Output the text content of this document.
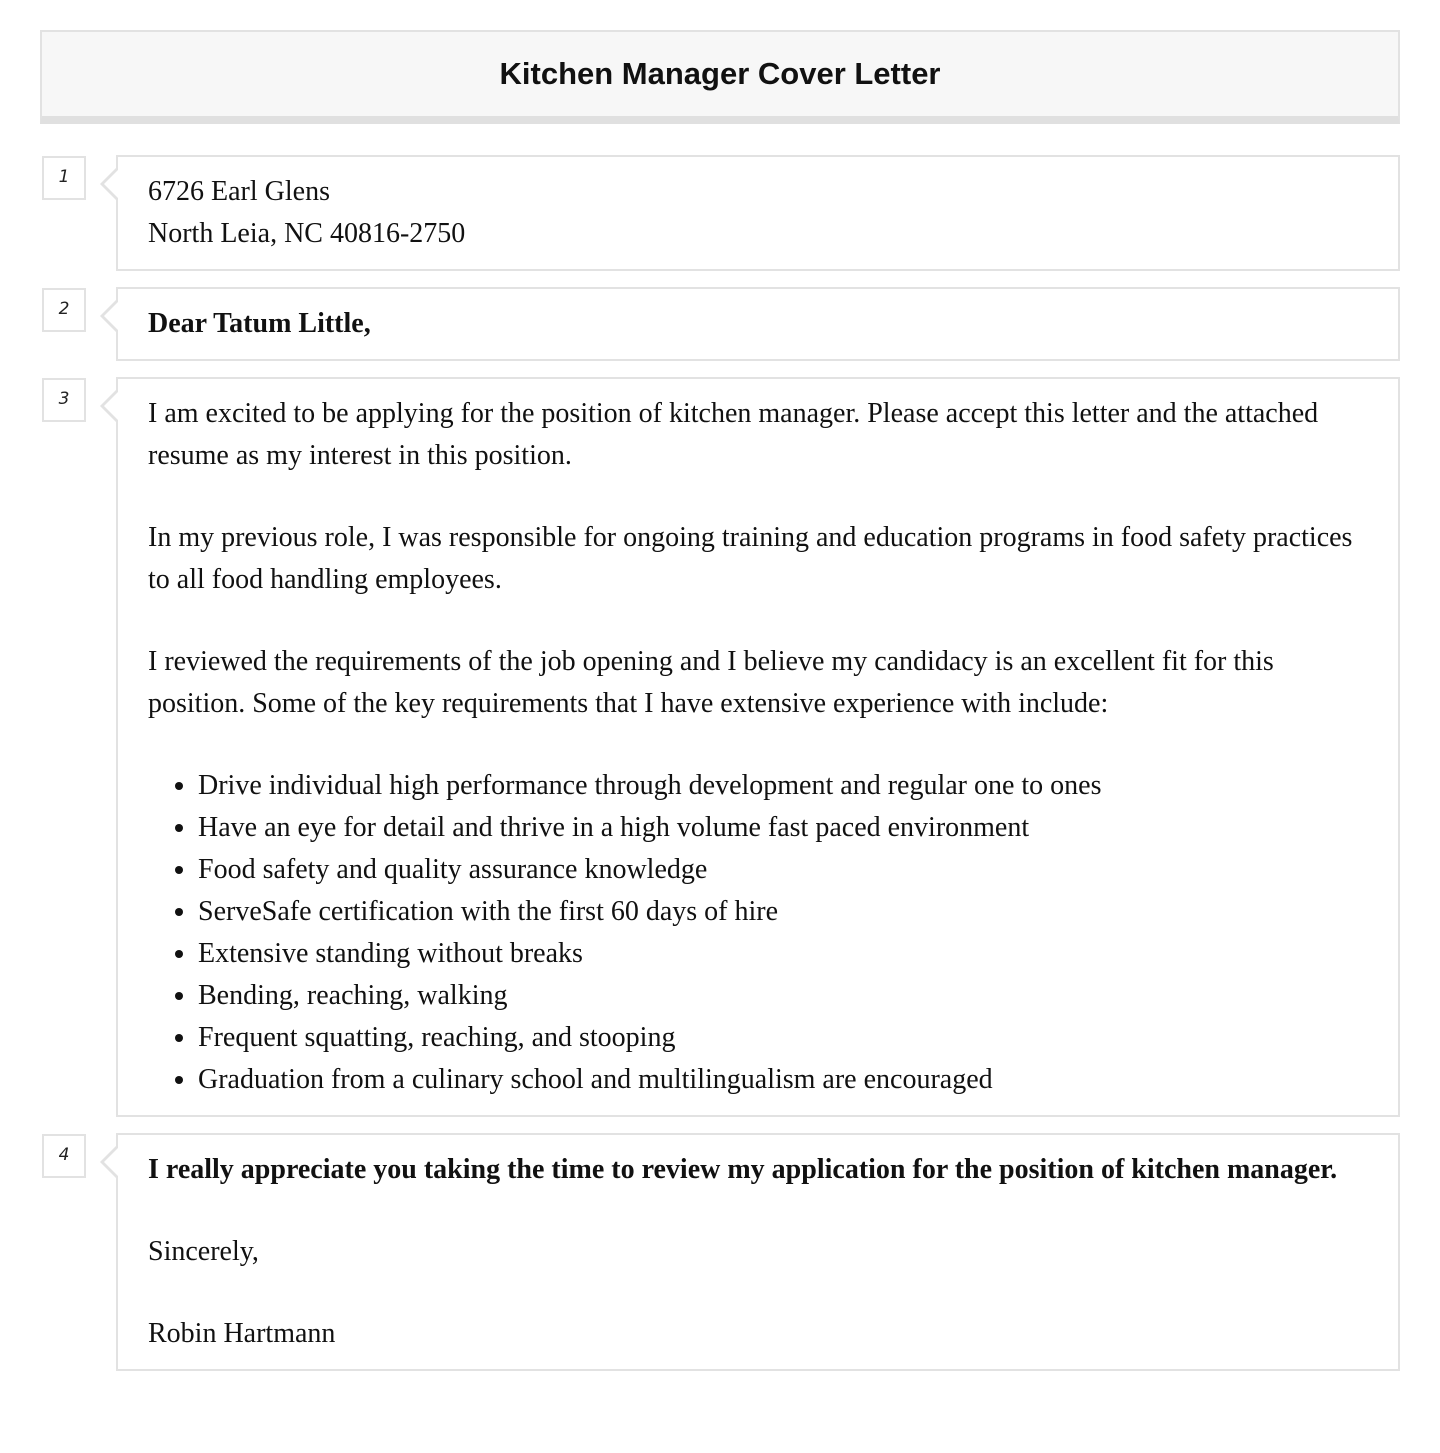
Kitchen Manager Cover Letter
1	6726 Earl Glens
North Leia, NC 40816-2750
2	Dear Tatum Little,
3	I am excited to be applying for the position of kitchen manager. Please accept this letter and the attached resume as my interest in this position.

In my previous role, I was responsible for ongoing training and education programs in food safety practices to all food handling employees.

I reviewed the requirements of the job opening and I believe my candidacy is an excellent fit for this position. Some of the key requirements that I have extensive experience with include:

• Drive individual high performance through development and regular one to ones
• Have an eye for detail and thrive in a high volume fast paced environment
• Food safety and quality assurance knowledge
• ServeSafe certification with the first 60 days of hire
• Extensive standing without breaks
• Bending, reaching, walking
• Frequent squatting, reaching, and stooping
• Graduation from a culinary school and multilingualism are encouraged
4	I really appreciate you taking the time to review my application for the position of kitchen manager.

Sincerely,

Robin Hartmann
